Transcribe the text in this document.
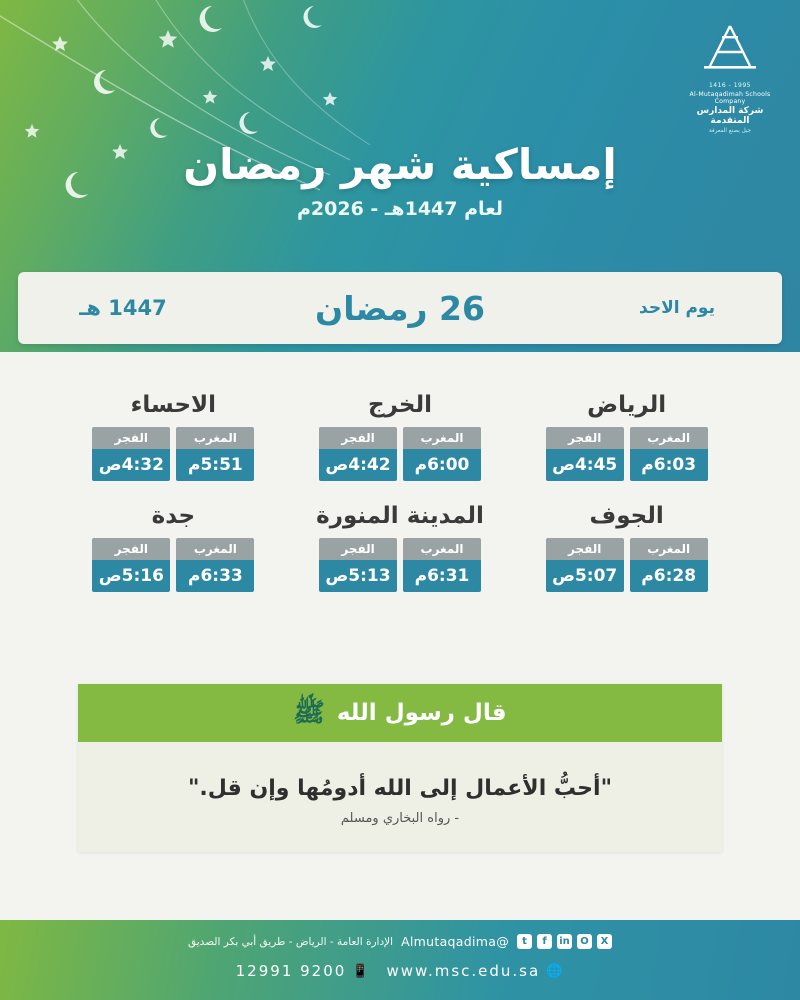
1995 - 1416
Al-Mutaqadimah Schools Company
شركة المدارس المتقدمة
جيل يصنع المعرفة
إمساكية شهر رمضان
لعام 1447هـ - 2026م
يوم الاحد
26 رمضان
1447 هـ
الرياض
المغرب
6:03م
الفجر
4:45ص
الخرج
المغرب
6:00م
الفجر
4:42ص
الاحساء
المغرب
5:51م
الفجر
4:32ص
الجوف
المغرب
6:28م
الفجر
5:07ص
المدينة المنورة
المغرب
6:31م
الفجر
5:13ص
جدة
المغرب
6:33م
الفجر
5:16ص
قال رسول الله
ﷺ
"أحبُّ الأعمال إلى الله أدومُها وإن قل."
- رواه البخاري ومسلم
X
O
in
f
t
@Almutaqadima
الإدارة العامة - الرياض - طريق أبي بكر الصديق
🌐
www.msc.edu.sa
📱
9200 12991
